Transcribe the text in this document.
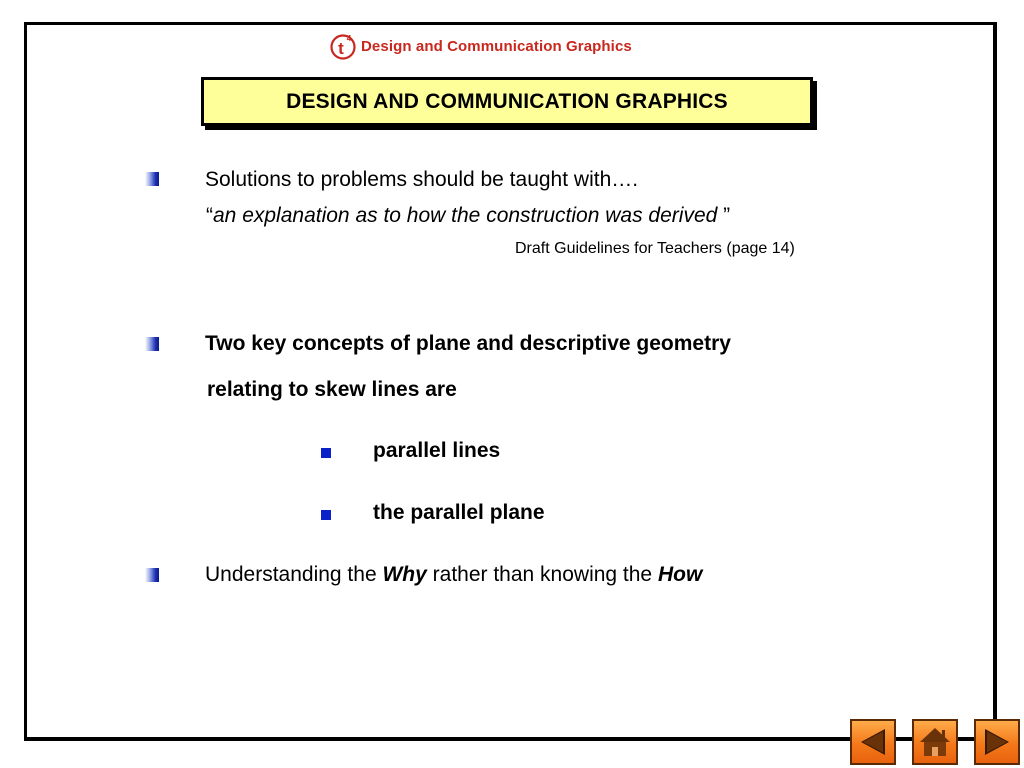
t
4 Design and Communication Graphics
DESIGN AND COMMUNICATION GRAPHICS
Solutions to problems should be taught with….
“an explanation as to how the construction was derived ”
Draft Guidelines for Teachers (page 14)
Two key concepts of plane and descriptive geometry
relating to skew lines are
parallel lines
the parallel plane
Understanding the Why rather than knowing the How
